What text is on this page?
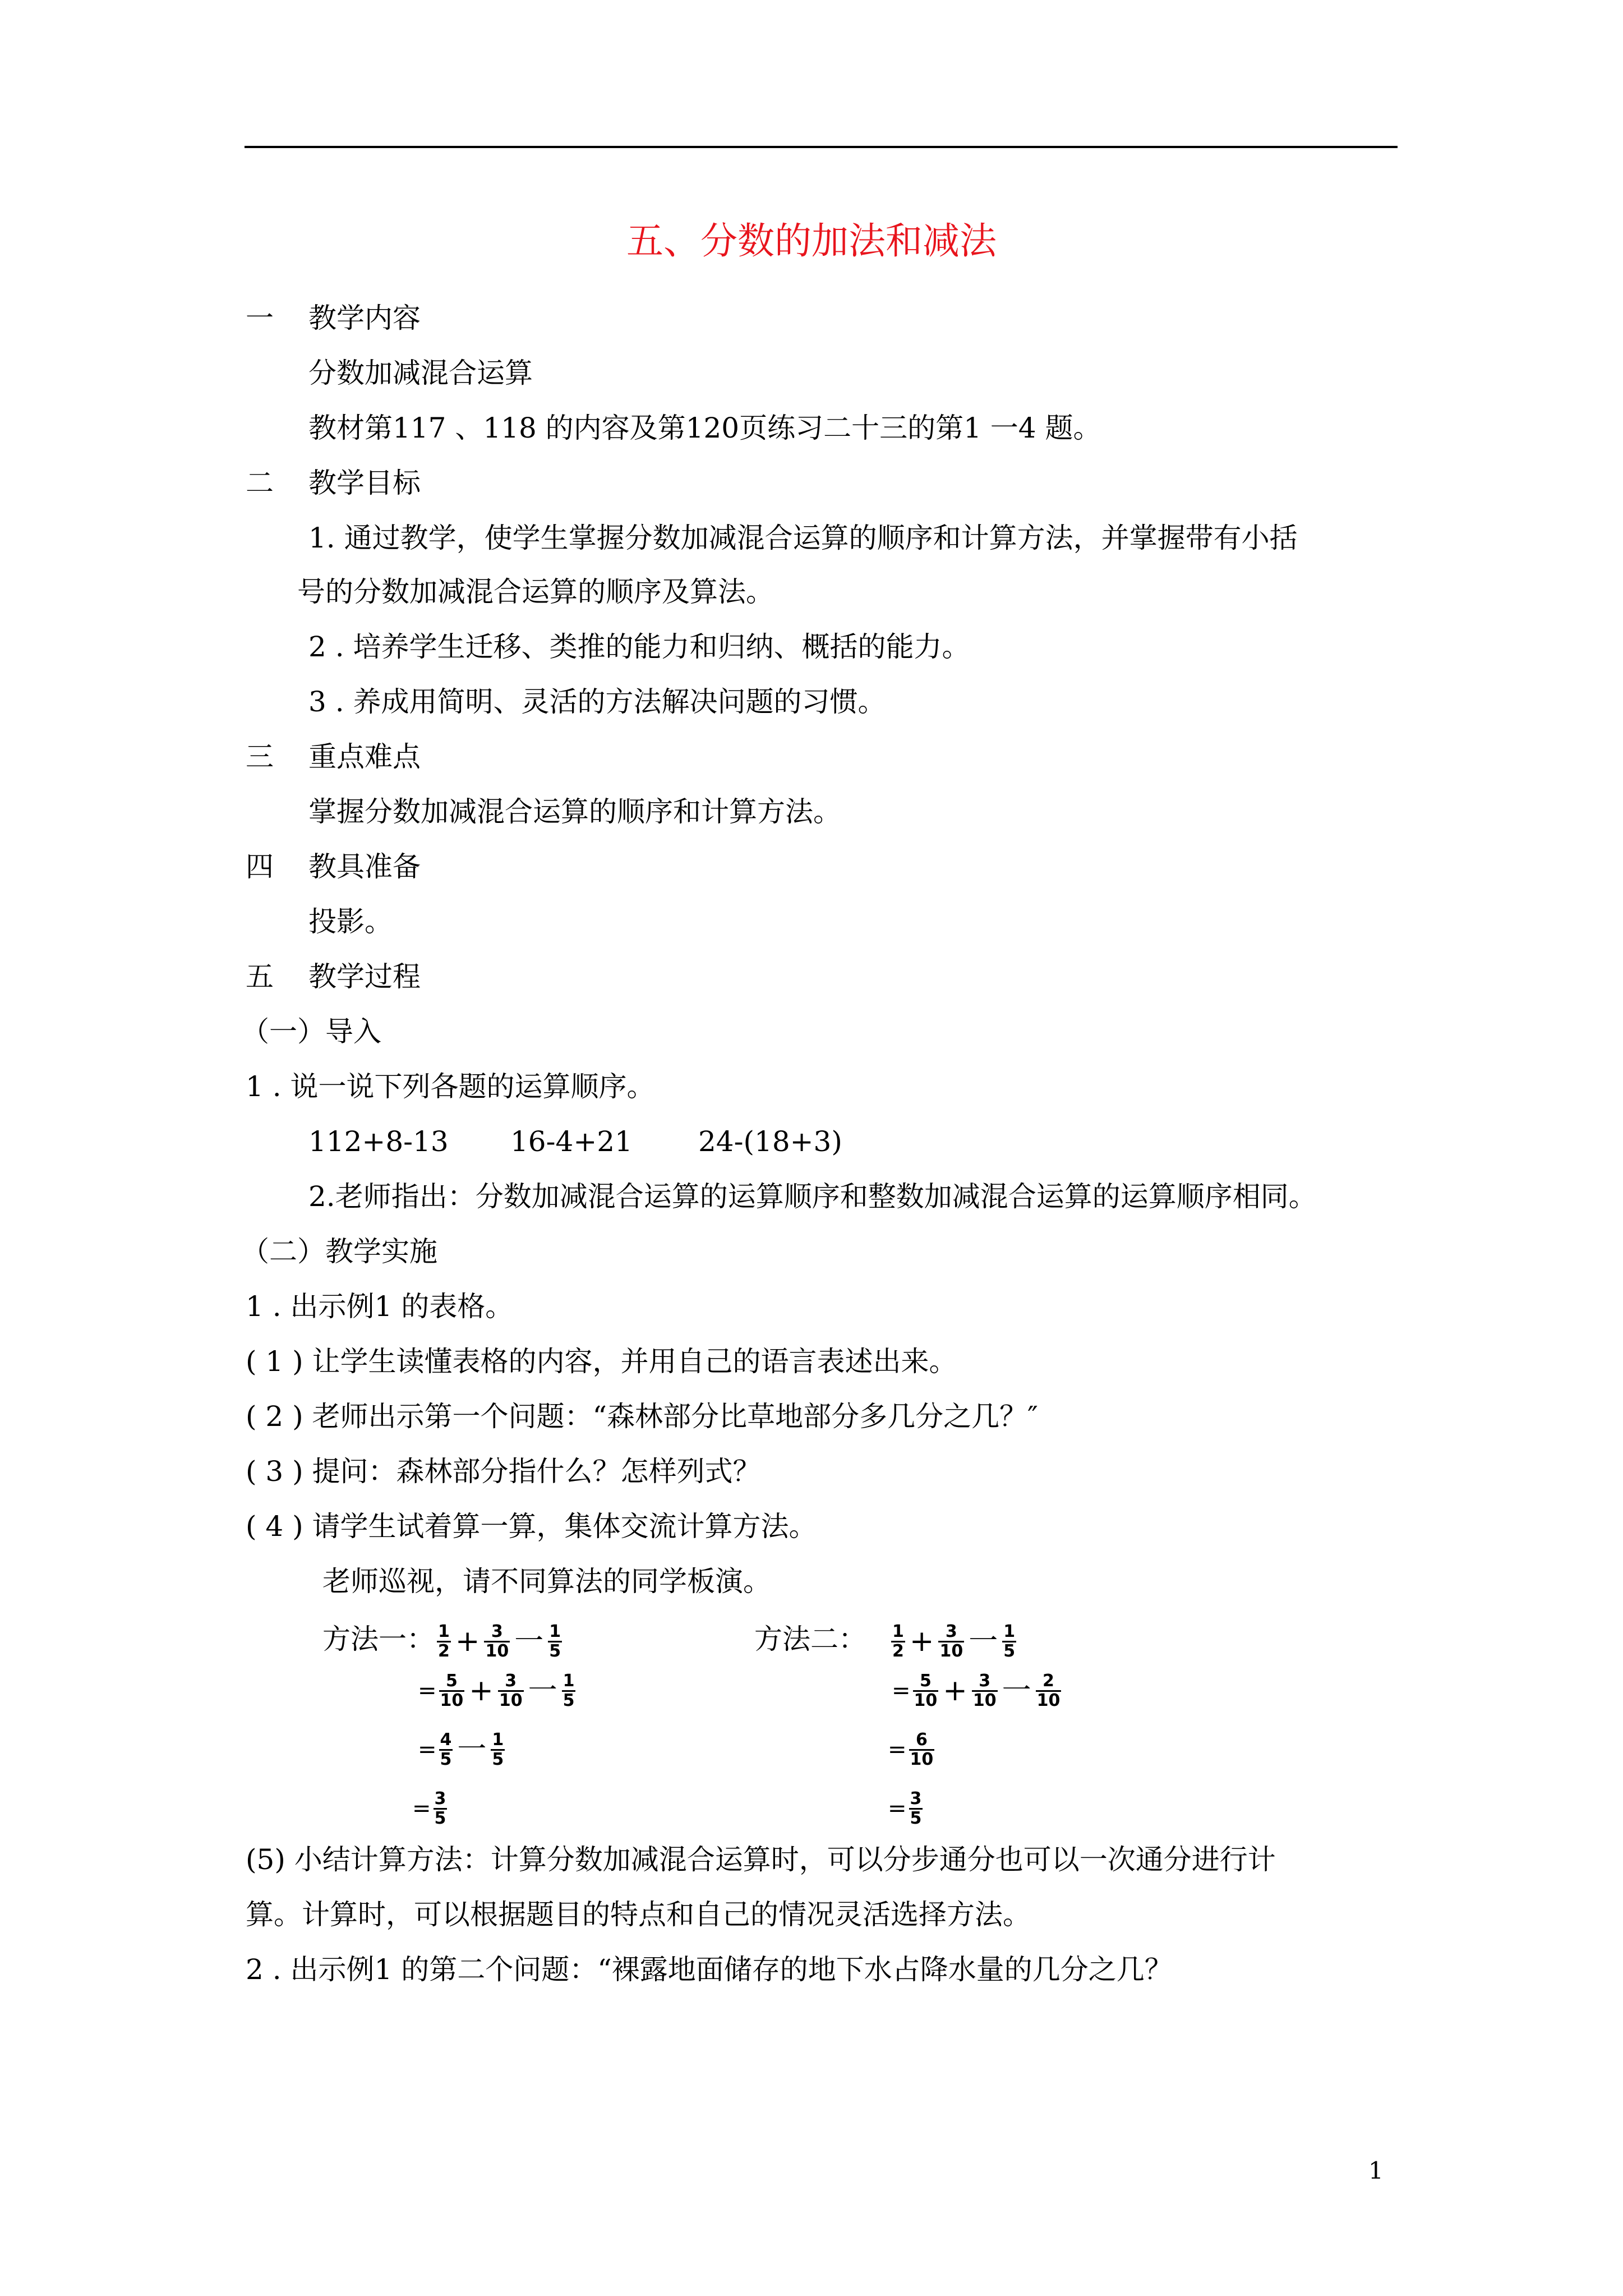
五、分数的加法和减法
一 教学内容
分数加减混合运算
教材第117 、118 的内容及第120页练习二十三的第1 一4 题。
二 教学目标
1. 通过教学，使学生掌握分数加减混合运算的顺序和计算方法，并掌握带有小括
号的分数加减混合运算的顺序及算法。
2 . 培养学生迁移、类推的能力和归纳、概括的能力。
3 . 养成用简明、灵活的方法解决问题的习惯。
三 重点难点
掌握分数加减混合运算的顺序和计算方法。
四 教具准备
投影。
五 教学过程
（一）导入
1 . 说一说下列各题的运算顺序。
112+8-13 16-4+21 24-(18+3)
2.老师指出：分数加减混合运算的运算顺序和整数加减混合运算的运算顺序相同。
（二）教学实施
1 . 出示例1 的表格。
( 1 ) 让学生读懂表格的内容，并用自己的语言表述出来。
( 2 ) 老师出示第一个问题：“森林部分比草地部分多几分之几？″
( 3 ) 提问：森林部分指什么？怎样列式？
( 4 ) 请学生试着算一算，集体交流计算方法。
老师巡视，请不同算法的同学板演。
方法一： $\frac{1}{2} + \frac{3}{10}$ 一 $\frac{1}{5}$
= $\frac{5}{10} + \frac{3}{10}$ 一 $\frac{1}{5}$
= $\frac{4}{5}$ 一 $\frac{1}{5}$
= $\frac{3}{5}$
方法二： $\frac{1}{2} + \frac{3}{10}$ 一 $\frac{1}{5}$
= $\frac{5}{10} + \frac{3}{10}$ 一 $\frac{2}{10}$
= $\frac{6}{10}$
= $\frac{3}{5}$
(5) 小结计算方法：计算分数加减混合运算时，可以分步通分也可以一次通分进行计
算。计算时，可以根据题目的特点和自己的情况灵活选择方法。
2 . 出示例1 的第二个问题：“裸露地面储存的地下水占降水量的几分之几？
1
